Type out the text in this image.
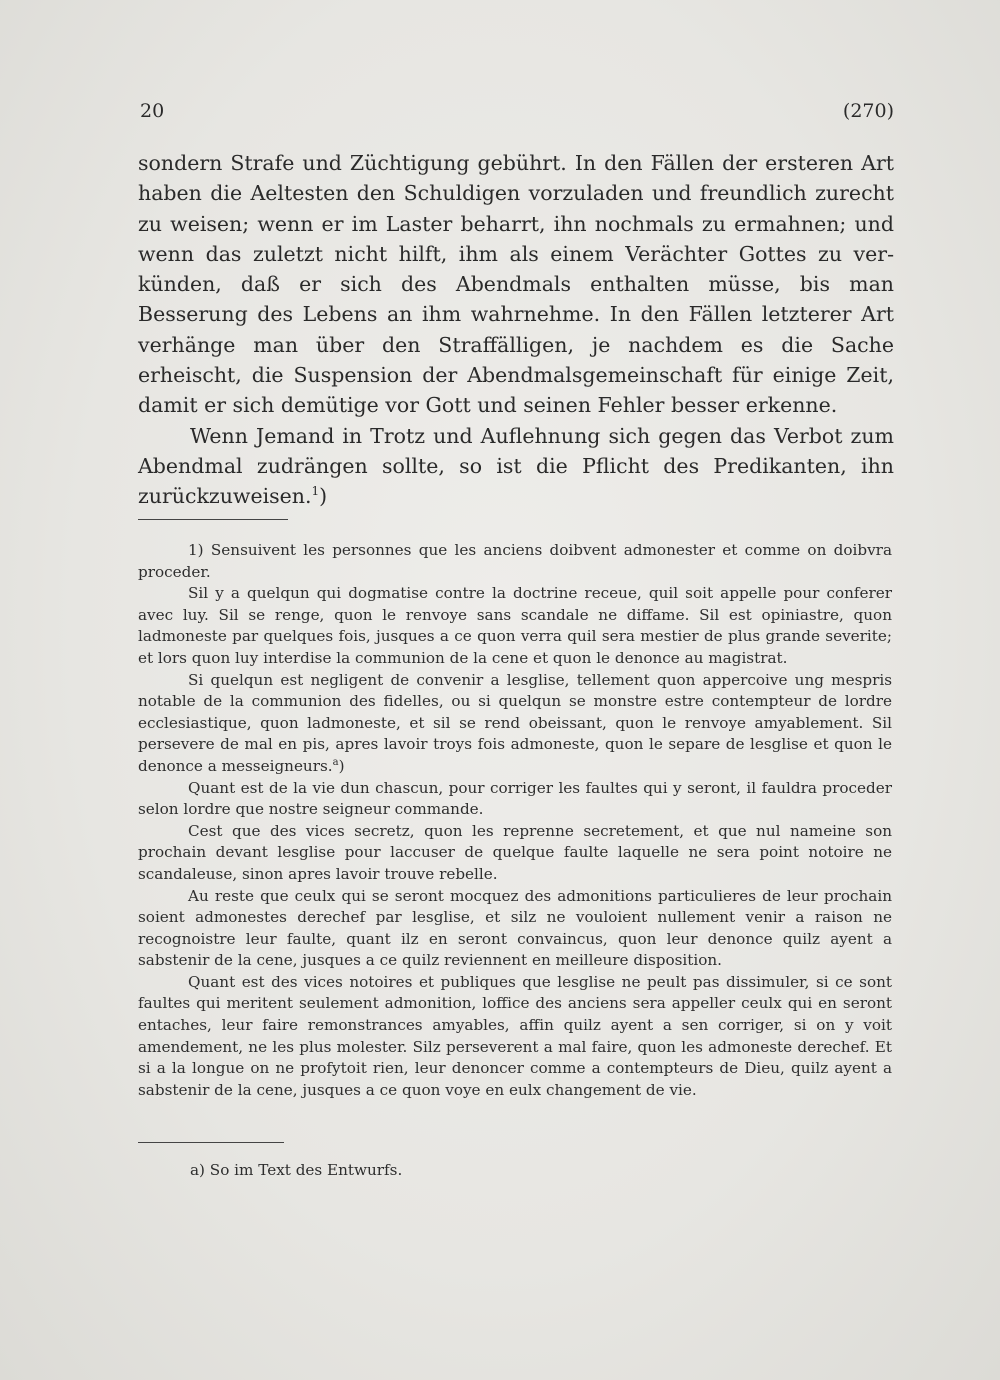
20	(270)

sondern Strafe und Züchtigung gebührt. In den Fällen der ersteren Art haben die Aeltesten den Schuldigen vorzuladen und freundlich zurecht zu weisen; wenn er im Laster beharrt, ihn nochmals zu ermahnen; und wenn das zuletzt nicht hilft, ihm als einem Verächter Gottes zu verkünden, daß er sich des Abendmals enthalten müsse, bis man Besserung des Lebens an ihm wahrnehme. In den Fällen letzterer Art verhänge man über den Straffälligen, je nachdem es die Sache erheischt, die Suspension der Abendmalsgemeinschaft für einige Zeit, damit er sich demütige vor Gott und seinen Fehler besser erkenne.

Wenn Jemand in Trotz und Auflehnung sich gegen das Verbot zum Abendmal zudrängen sollte, so ist die Pflicht des Predikanten, ihn zurückzuweisen.$^1$)

1) Sensuivent les personnes que les anciens doibvent admonester et comme on doibvra proceder.

Sil y a quelqun qui dogmatise contre la doctrine receue, quil soit appelle pour conferer avec luy. Sil se renge, quon le renvoye sans scandale ne diffame. Sil est opiniastre, quon ladmoneste par quelques fois, jusques a ce quon verra quil sera mestier de plus grande severite; et lors quon luy interdise la communion de la cene et quon le denonce au magistrat.

Si quelqun est negligent de convenir a lesglise, tellement quon appercoive ung mespris notable de la communion des fidelles, ou si quelqun se monstre estre contempteur de lordre ecclesiastique, quon ladmoneste, et sil se rend obeissant, quon le renvoye amyablement. Sil persevere de mal en pis, apres lavoir troys fois admoneste, quon le separe de lesglise et quon le denonce a messeigneurs.$^a$)

Quant est de la vie dun chascun, pour corriger les faultes qui y seront, il fauldra proceder selon lordre que nostre seigneur commande.

Cest que des vices secretz, quon les reprenne secretement, et que nul nameine son prochain devant lesglise pour laccuser de quelque faulte laquelle ne sera point notoire ne scandaleuse, sinon apres lavoir trouve rebelle.

Au reste que ceulx qui se seront mocquez des admonitions particulieres de leur prochain soient admonestes derechef par lesglise, et silz ne vouloient nullement venir a raison ne recognoistre leur faulte, quant ilz en seront convaincus, quon leur denonce quilz ayent a sabstenir de la cene, jusques a ce quilz reviennent en meilleure disposition.

Quant est des vices notoires et publiques que lesglise ne peult pas dissimuler, si ce sont faultes qui meritent seulement admonition, loffice des anciens sera appeller ceulx qui en seront entaches, leur faire remonstrances amyables, affin quilz ayent a sen corriger, si on y voit amendement, ne les plus molester. Silz perseverent a mal faire, quon les admoneste derechef. Et si a la longue on ne profytoit rien, leur denoncer comme a contempteurs de Dieu, quilz ayent a sabstenir de la cene, jusques a ce quon voye en eulx changement de vie.

a) So im Text des Entwurfs.
